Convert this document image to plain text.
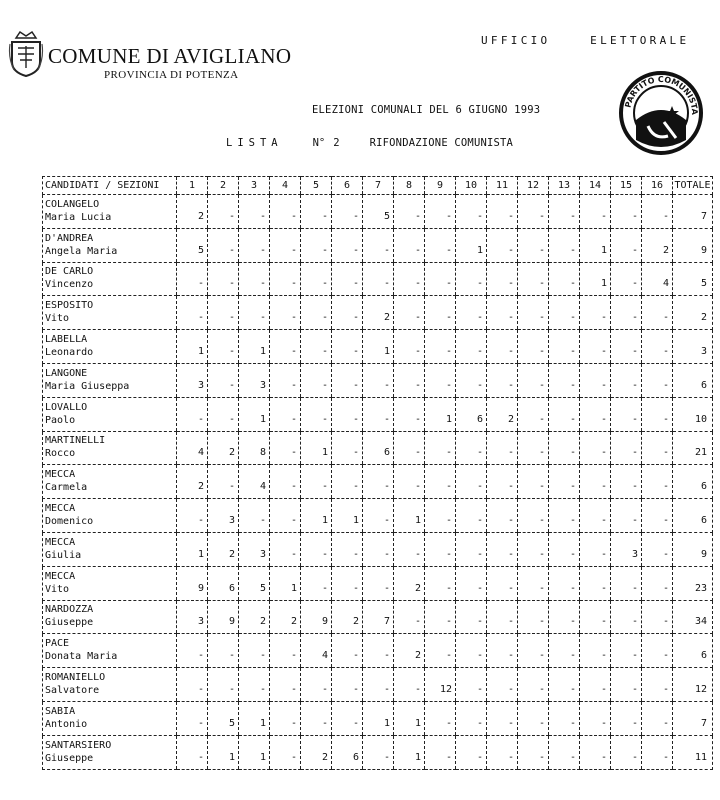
COMUNE DI AVIGLIANO
PROVINCIA DI POTENZA
UFFICIO    ELETTORALE
PARTITO COMUNISTA
ELEZIONI COMUNALI DEL 6 GIUGNO 1993
LISTA	N° 2	RIFONDAZIONE COMUNISTA
CANDIDATI / SEZIONI	1	2	3	4	5	6	7	8	9	10	11	12	13	14	15	16	TOTALE

COLANGELO
Maria Lucia	2	-	-	-	-	-	5	-	-	-	-	-	-	-	-	-	7

D'ANDREA
Angela Maria	5	-	-	-	-	-	-	-	-	1	-	-	-	1	-	2	9

DE CARLO
Vincenzo	-	-	-	-	-	-	-	-	-	-	-	-	-	1	-	4	5

ESPOSITO
Vito	-	-	-	-	-	-	2	-	-	-	-	-	-	-	-	-	2

LABELLA
Leonardo	1	-	1	-	-	-	1	-	-	-	-	-	-	-	-	-	3

LANGONE
Maria Giuseppa	3	-	3	-	-	-	-	-	-	-	-	-	-	-	-	-	6

LOVALLO
Paolo	-	-	1	-	-	-	-	-	1	6	2	-	-	-	-	-	10

MARTINELLI
Rocco	4	2	8	-	1	-	6	-	-	-	-	-	-	-	-	-	21

MECCA
Carmela	2	-	4	-	-	-	-	-	-	-	-	-	-	-	-	-	6

MECCA
Domenico	-	3	-	-	1	1	-	1	-	-	-	-	-	-	-	-	6

MECCA
Giulia	1	2	3	-	-	-	-	-	-	-	-	-	-	-	3	-	9

MECCA
Vito	9	6	5	1	-	-	-	2	-	-	-	-	-	-	-	-	23

NARDOZZA
Giuseppe	3	9	2	2	9	2	7	-	-	-	-	-	-	-	-	-	34

PACE
Donata Maria	-	-	-	-	4	-	-	2	-	-	-	-	-	-	-	-	6

ROMANIELLO
Salvatore	-	-	-	-	-	-	-	-	12	-	-	-	-	-	-	-	12

SABIA
Antonio	-	5	1	-	-	-	1	1	-	-	-	-	-	-	-	-	7

SANTARSIERO
Giuseppe	-	1	1	-	2	6	-	1	-	-	-	-	-	-	-	-	11
